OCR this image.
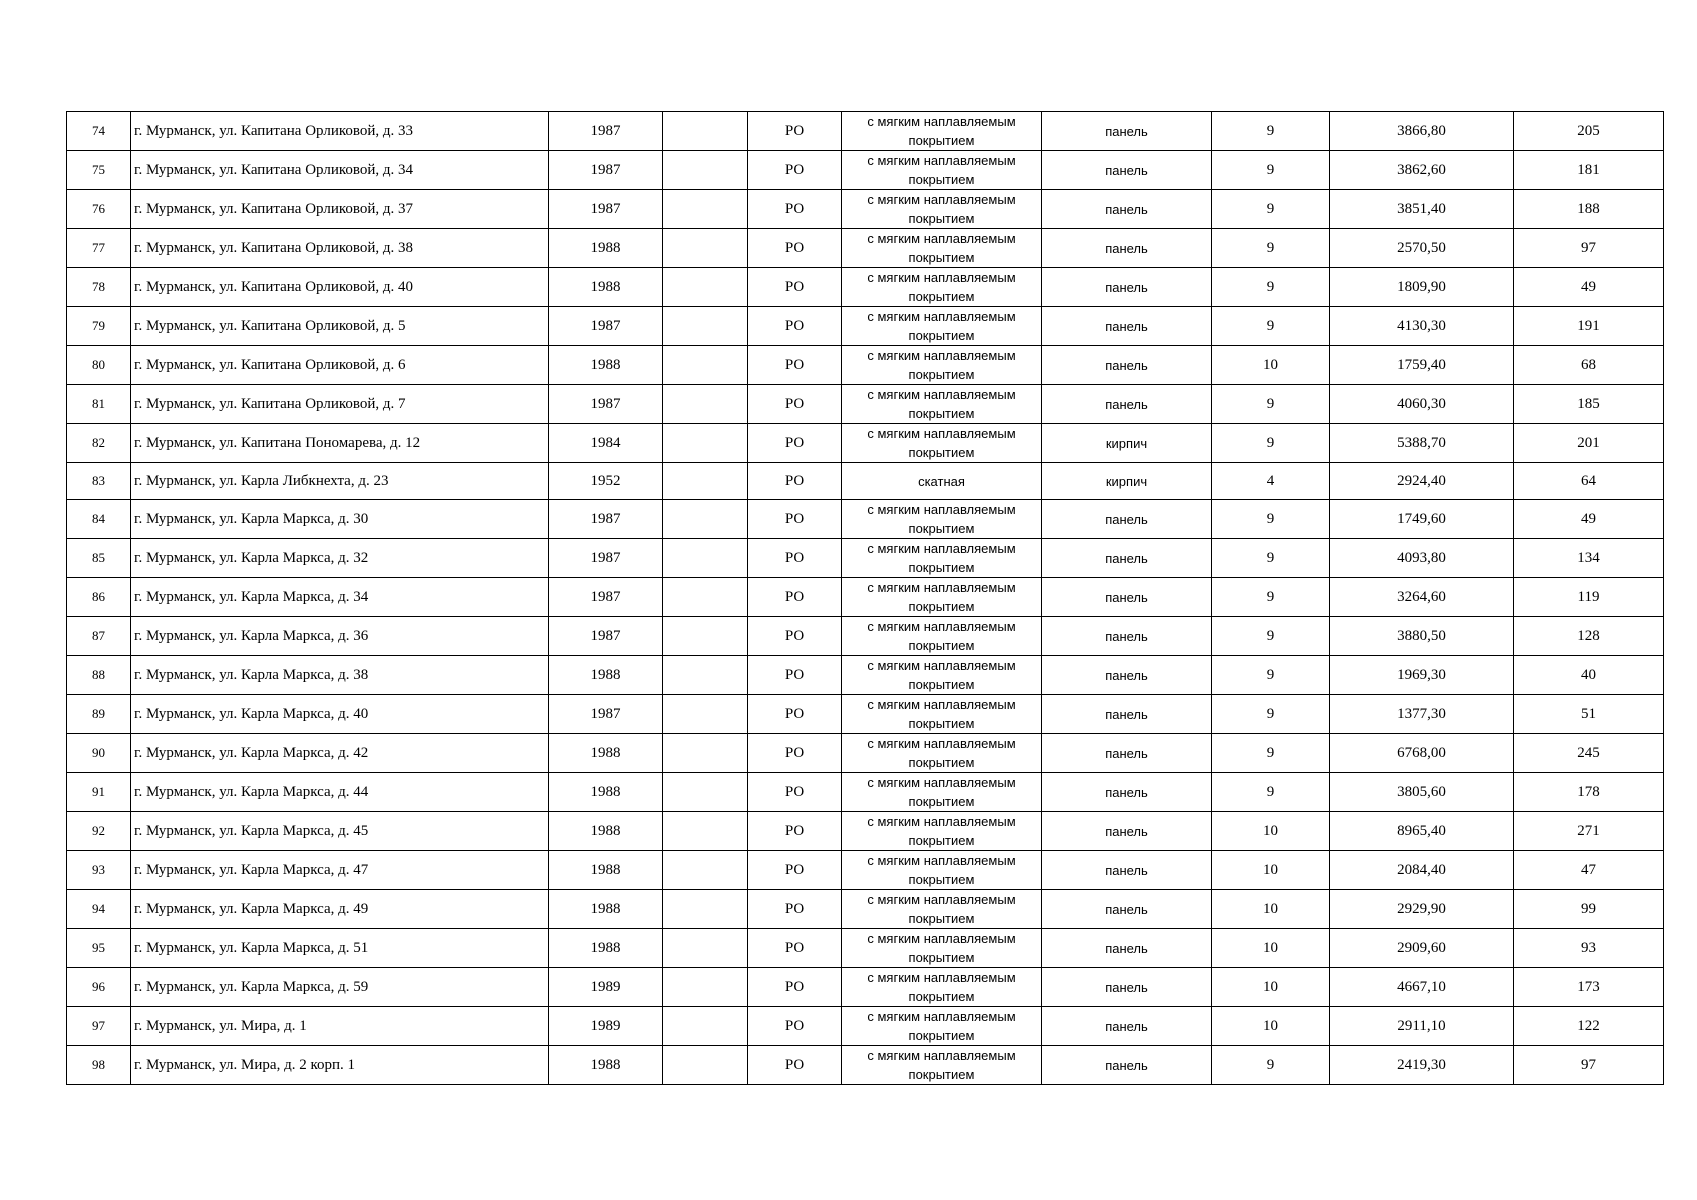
74	г. Мурманск, ул. Капитана Орликовой, д. 33	1987		РО	с мягким наплавляемым покрытием	панель	9	3866,80	205
75	г. Мурманск, ул. Капитана Орликовой, д. 34	1987		РО	с мягким наплавляемым покрытием	панель	9	3862,60	181
76	г. Мурманск, ул. Капитана Орликовой, д. 37	1987		РО	с мягким наплавляемым покрытием	панель	9	3851,40	188
77	г. Мурманск, ул. Капитана Орликовой, д. 38	1988		РО	с мягким наплавляемым покрытием	панель	9	2570,50	97
78	г. Мурманск, ул. Капитана Орликовой, д. 40	1988		РО	с мягким наплавляемым покрытием	панель	9	1809,90	49
79	г. Мурманск, ул. Капитана Орликовой, д. 5	1987		РО	с мягким наплавляемым покрытием	панель	9	4130,30	191
80	г. Мурманск, ул. Капитана Орликовой, д. 6	1988		РО	с мягким наплавляемым покрытием	панель	10	1759,40	68
81	г. Мурманск, ул. Капитана Орликовой, д. 7	1987		РО	с мягким наплавляемым покрытием	панель	9	4060,30	185
82	г. Мурманск, ул. Капитана Пономарева, д. 12	1984		РО	с мягким наплавляемым покрытием	кирпич	9	5388,70	201
83	г. Мурманск, ул. Карла Либкнехта, д. 23	1952		РО	скатная	кирпич	4	2924,40	64
84	г. Мурманск, ул. Карла Маркса, д. 30	1987		РО	с мягким наплавляемым покрытием	панель	9	1749,60	49
85	г. Мурманск, ул. Карла Маркса, д. 32	1987		РО	с мягким наплавляемым покрытием	панель	9	4093,80	134
86	г. Мурманск, ул. Карла Маркса, д. 34	1987		РО	с мягким наплавляемым покрытием	панель	9	3264,60	119
87	г. Мурманск, ул. Карла Маркса, д. 36	1987		РО	с мягким наплавляемым покрытием	панель	9	3880,50	128
88	г. Мурманск, ул. Карла Маркса, д. 38	1988		РО	с мягким наплавляемым покрытием	панель	9	1969,30	40
89	г. Мурманск, ул. Карла Маркса, д. 40	1987		РО	с мягким наплавляемым покрытием	панель	9	1377,30	51
90	г. Мурманск, ул. Карла Маркса, д. 42	1988		РО	с мягким наплавляемым покрытием	панель	9	6768,00	245
91	г. Мурманск, ул. Карла Маркса, д. 44	1988		РО	с мягким наплавляемым покрытием	панель	9	3805,60	178
92	г. Мурманск, ул. Карла Маркса, д. 45	1988		РО	с мягким наплавляемым покрытием	панель	10	8965,40	271
93	г. Мурманск, ул. Карла Маркса, д. 47	1988		РО	с мягким наплавляемым покрытием	панель	10	2084,40	47
94	г. Мурманск, ул. Карла Маркса, д. 49	1988		РО	с мягким наплавляемым покрытием	панель	10	2929,90	99
95	г. Мурманск, ул. Карла Маркса, д. 51	1988		РО	с мягким наплавляемым покрытием	панель	10	2909,60	93
96	г. Мурманск, ул. Карла Маркса, д. 59	1989		РО	с мягким наплавляемым покрытием	панель	10	4667,10	173
97	г. Мурманск, ул. Мира, д. 1	1989		РО	с мягким наплавляемым покрытием	панель	10	2911,10	122
98	г. Мурманск, ул. Мира, д. 2 корп. 1	1988		РО	с мягким наплавляемым покрытием	панель	9	2419,30	97
